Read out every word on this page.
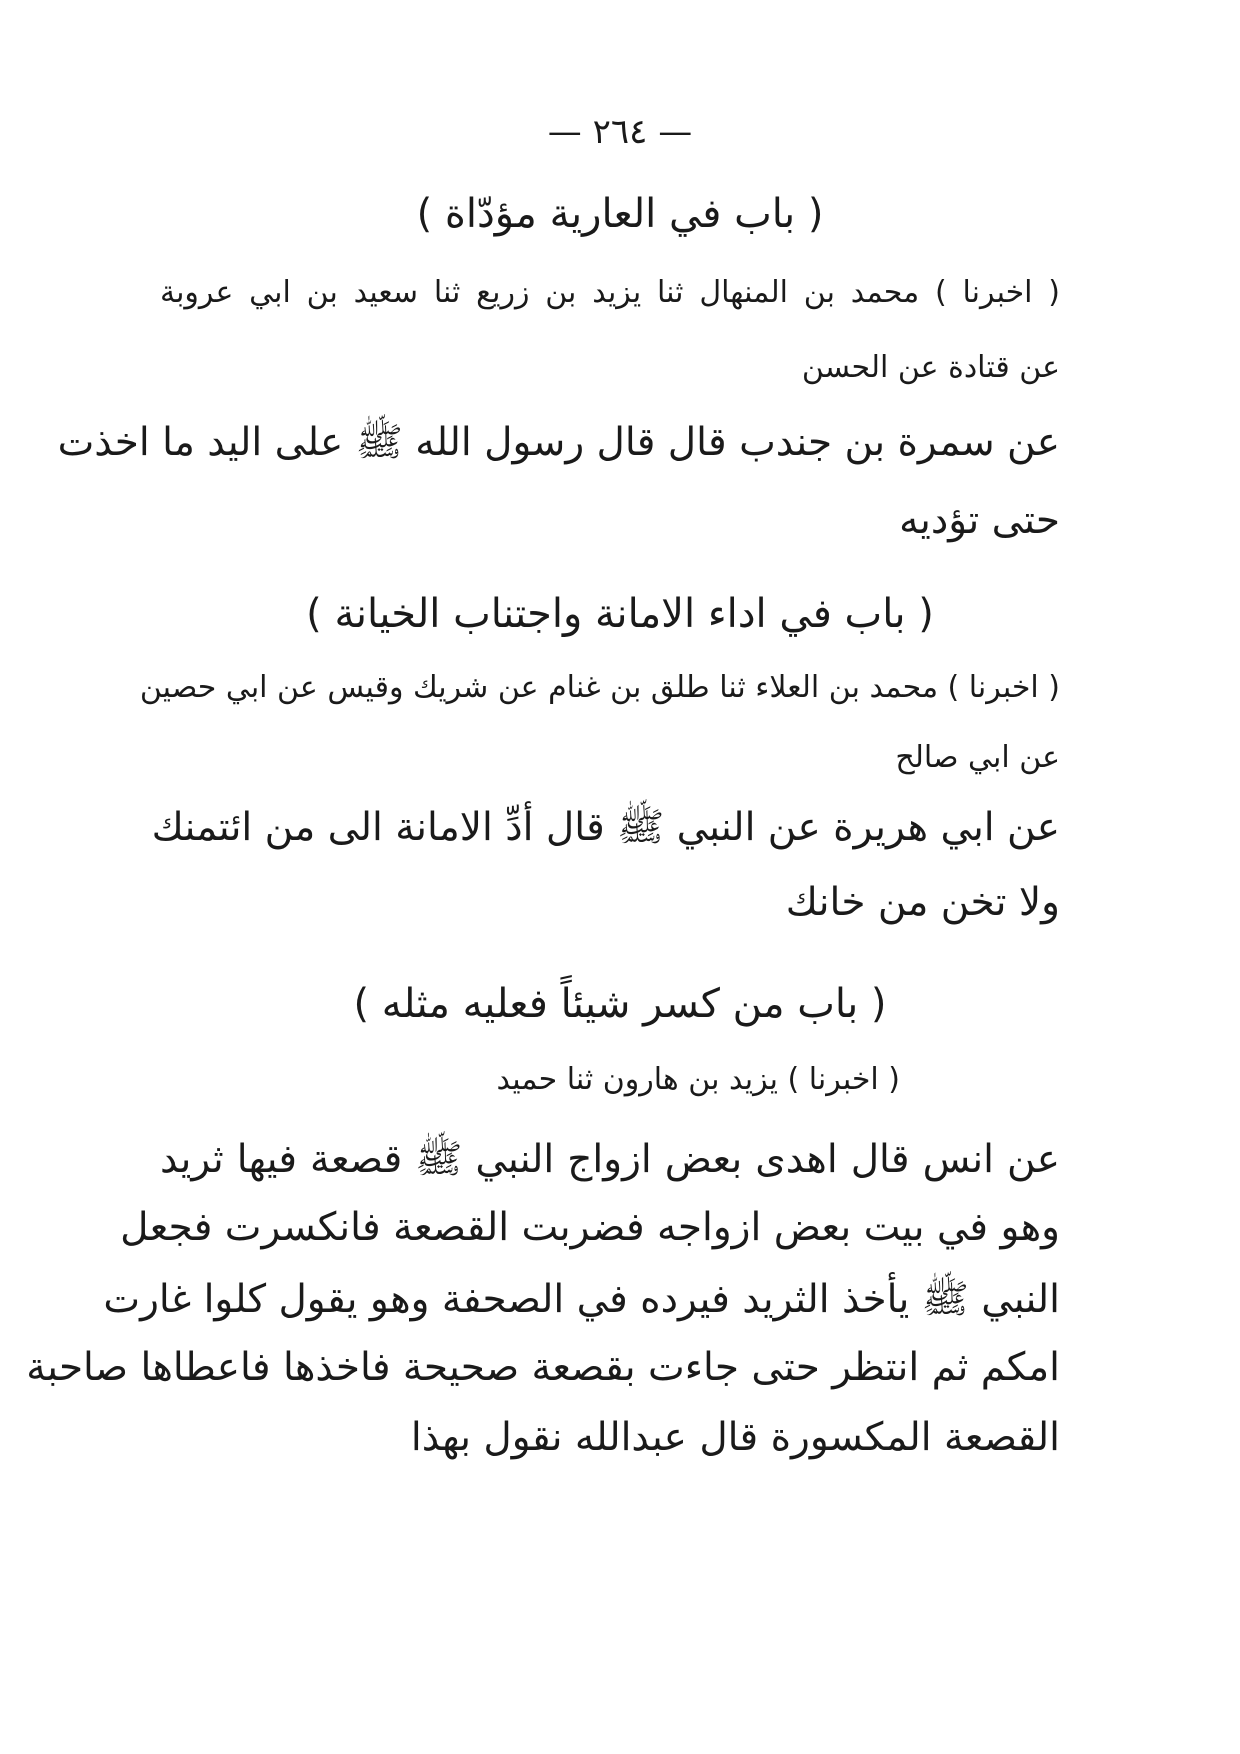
— ٢٦٤ —
( باب في العارية مؤدّاة )
( اخبرنا ) محمد بن المنهال ثنا يزيد بن زريع ثنا سعيد بن ابي عروبة
عن قتادة عن الحسن
عن سمرة بن جندب قال قال رسول الله ﷺ على اليد ما اخذت
حتى تؤديه
( باب في اداء الامانة واجتناب الخيانة )
( اخبرنا ) محمد بن العلاء ثنا طلق بن غنام عن شريك وقيس عن ابي حصين
عن ابي صالح
عن ابي هريرة عن النبي ﷺ قال أدِّ الامانة الى من ائتمنك
ولا تخن من خانك
( باب من كسر شيئاً فعليه مثله )
( اخبرنا ) يزيد بن هارون ثنا حميد
عن انس قال اهدى بعض ازواج النبي ﷺ قصعة فيها ثريد
وهو في بيت بعض ازواجه فضربت القصعة فانكسرت فجعل
النبي ﷺ يأخذ الثريد فيرده في الصحفة وهو يقول كلوا غارت
امكم ثم انتظر حتى جاءت بقصعة صحيحة فاخذها فاعطاها صاحبة
القصعة المكسورة قال عبدالله نقول بهذا
